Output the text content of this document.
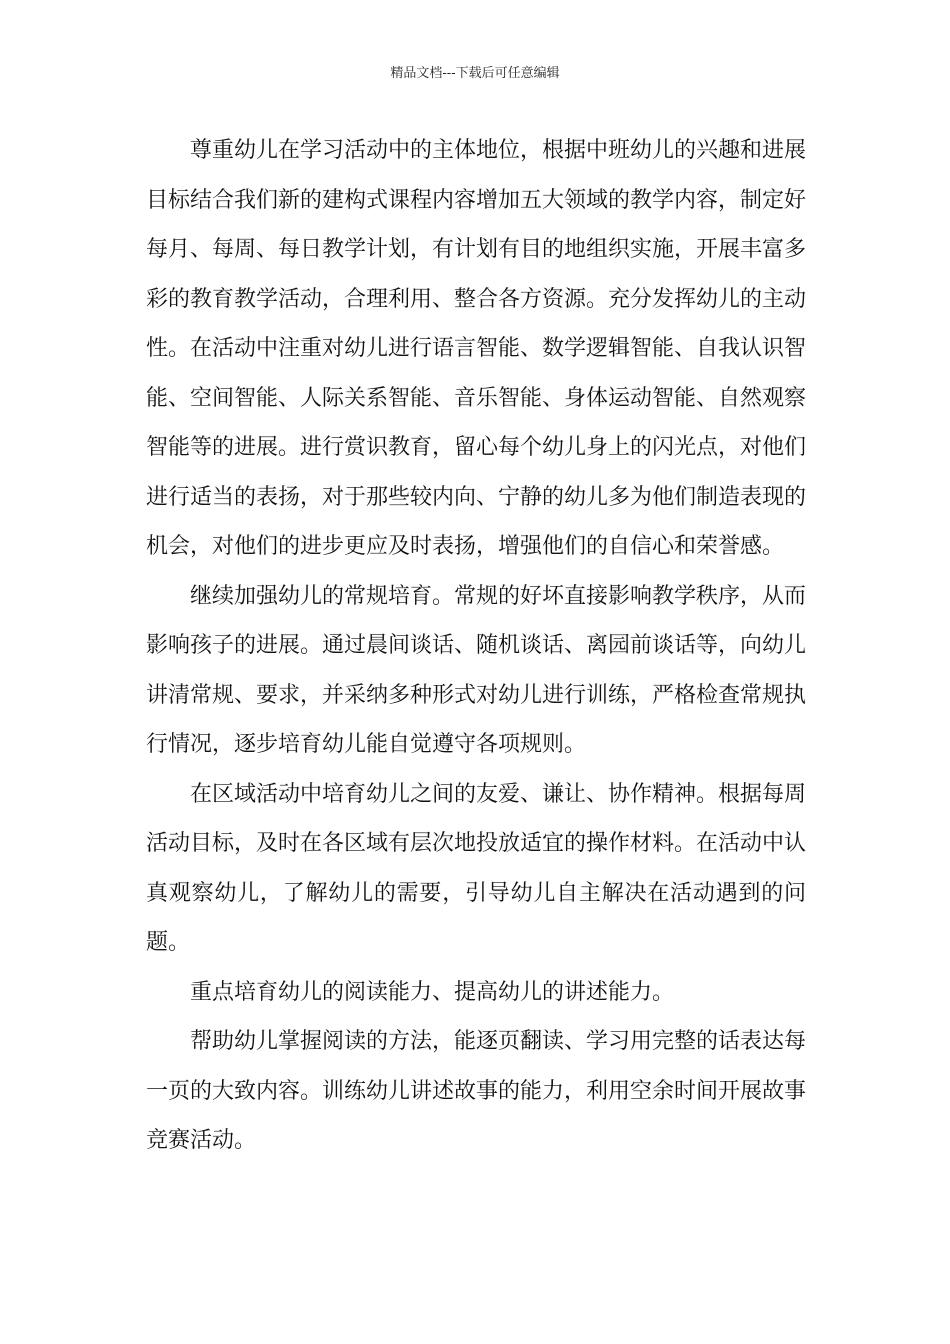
精品文档---下载后可任意编辑

尊重幼儿在学习活动中的主体地位，根据中班幼儿的兴趣和进展目标结合我们新的建构式课程内容增加五大领域的教学内容，制定好每月、每周、每日教学计划，有计划有目的地组织实施，开展丰富多彩的教育教学活动，合理利用、整合各方资源。充分发挥幼儿的主动性。在活动中注重对幼儿进行语言智能、数学逻辑智能、自我认识智能、空间智能、人际关系智能、音乐智能、身体运动智能、自然观察智能等的进展。进行赏识教育，留心每个幼儿身上的闪光点，对他们进行适当的表扬，对于那些较内向、宁静的幼儿多为他们制造表现的机会，对他们的进步更应及时表扬，增强他们的自信心和荣誉感。

继续加强幼儿的常规培育。常规的好坏直接影响教学秩序，从而影响孩子的进展。通过晨间谈话、随机谈话、离园前谈话等，向幼儿讲清常规、要求，并采纳多种形式对幼儿进行训练，严格检查常规执行情况，逐步培育幼儿能自觉遵守各项规则。

在区域活动中培育幼儿之间的友爱、谦让、协作精神。根据每周活动目标，及时在各区域有层次地投放适宜的操作材料。在活动中认真观察幼儿，了解幼儿的需要，引导幼儿自主解决在活动遇到的问题。

重点培育幼儿的阅读能力、提高幼儿的讲述能力。

帮助幼儿掌握阅读的方法，能逐页翻读、学习用完整的话表达每一页的大致内容。训练幼儿讲述故事的能力，利用空余时间开展故事竞赛活动。
